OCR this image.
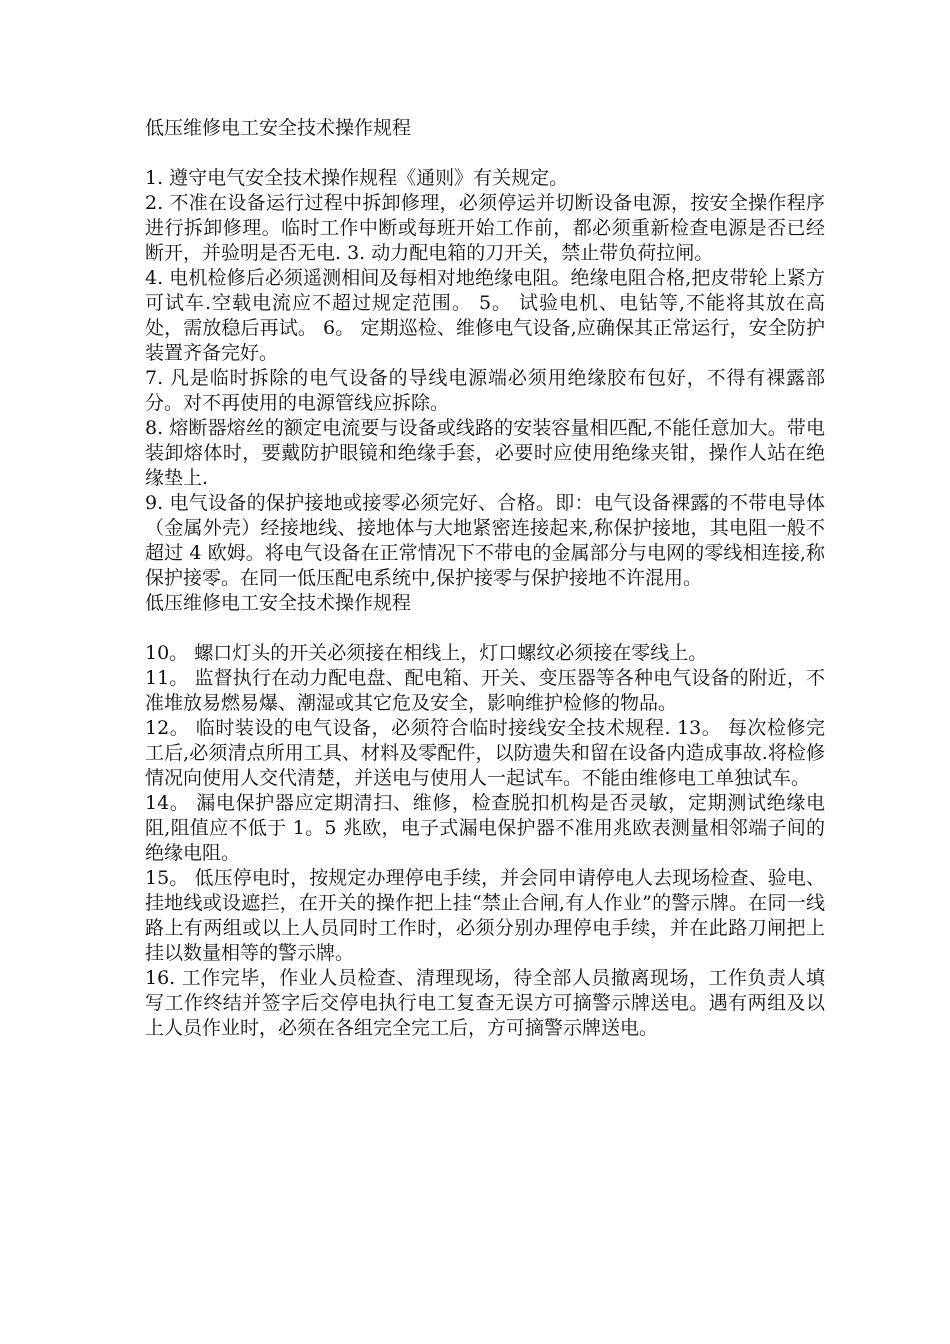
低压维修电工安全技术操作规程

1. 遵守电气安全技术操作规程《通则》有关规定。

2. 不准在设备运行过程中拆卸修理，必须停运并切断设备电源，按安全操作程序进行拆卸修理。临时工作中断或每班开始工作前，都必须重新检查电源是否已经断开，并验明是否无电. 3. 动力配电箱的刀开关，禁止带负荷拉闸。

4. 电机检修后必须遥测相间及每相对地绝缘电阻。绝缘电阻合格,把皮带轮上紧方可试车.空载电流应不超过规定范围。 5。 试验电机、电钻等,不能将其放在高处，需放稳后再试。 6。 定期巡检、维修电气设备,应确保其正常运行，安全防护装置齐备完好。

7. 凡是临时拆除的电气设备的导线电源端必须用绝缘胶布包好，不得有裸露部分。对不再使用的电源管线应拆除。

8. 熔断器熔丝的额定电流要与设备或线路的安装容量相匹配,不能任意加大。带电装卸熔体时，要戴防护眼镜和绝缘手套，必要时应使用绝缘夹钳，操作人站在绝缘垫上.

9. 电气设备的保护接地或接零必须完好、合格。即：电气设备裸露的不带电导体（金属外壳）经接地线、接地体与大地紧密连接起来,称保护接地，其电阻一般不超过 4 欧姆。将电气设备在正常情况下不带电的金属部分与电网的零线相连接,称保护接零。在同一低压配电系统中,保护接零与保护接地不许混用。

低压维修电工安全技术操作规程

10。 螺口灯头的开关必须接在相线上，灯口螺纹必须接在零线上。

11。 监督执行在动力配电盘、配电箱、开关、变压器等各种电气设备的附近，不准堆放易燃易爆、潮湿或其它危及安全，影响维护检修的物品。

12。 临时装设的电气设备，必须符合临时接线安全技术规程. 13。 每次检修完工后,必须清点所用工具、材料及零配件，以防遗失和留在设备内造成事故.将检修情况向使用人交代清楚，并送电与使用人一起试车。不能由维修电工单独试车。

14。 漏电保护器应定期清扫、维修，检查脱扣机构是否灵敏，定期测试绝缘电阻,阻值应不低于 1。5 兆欧，电子式漏电保护器不准用兆欧表测量相邻端子间的绝缘电阻。

15。 低压停电时，按规定办理停电手续，并会同申请停电人去现场检查、验电、挂地线或设遮拦，在开关的操作把上挂“禁止合闸,有人作业”的警示牌。在同一线路上有两组或以上人员同时工作时，必须分别办理停电手续，并在此路刀闸把上挂以数量相等的警示牌。

16. 工作完毕，作业人员检查、清理现场，待全部人员撤离现场，工作负责人填写工作终结并签字后交停电执行电工复查无误方可摘警示牌送电。遇有两组及以上人员作业时，必须在各组完全完工后，方可摘警示牌送电。
